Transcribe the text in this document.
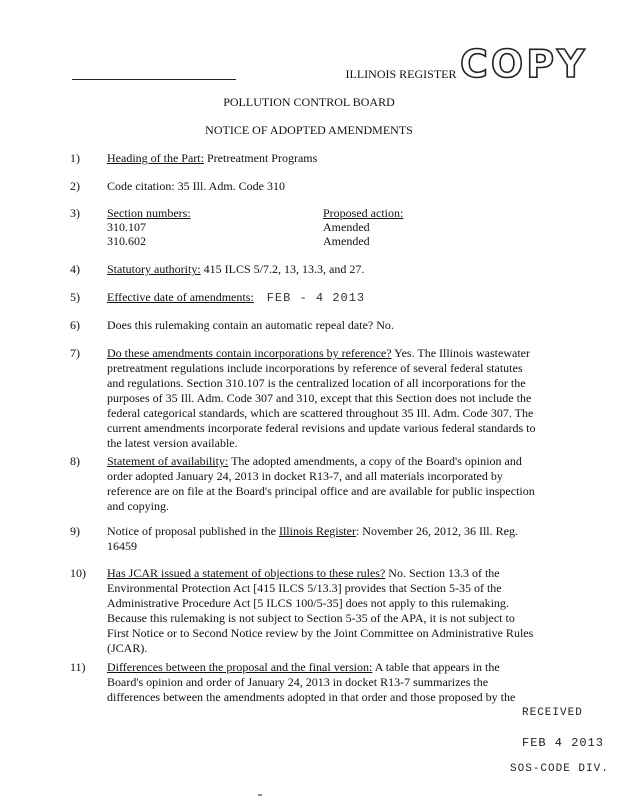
ILLINOIS REGISTER COPY
POLLUTION CONTROL BOARD
NOTICE OF ADOPTED AMENDMENTS
1) Heading of the Part: Pretreatment Programs
2) Code citation: 35 Ill. Adm. Code 310
3) Section numbers:	Proposed action:
310.107	Amended
310.602	Amended
4) Statutory authority: 415 ILCS 5/7.2, 13, 13.3, and 27.
5) Effective date of amendments: FEB - 4 2013
6) Does this rulemaking contain an automatic repeal date? No.
7) Do these amendments contain incorporations by reference? Yes. The Illinois wastewater
pretreatment regulations include incorporations by reference of several federal statutes
and regulations. Section 310.107 is the centralized location of all incorporations for the
purposes of 35 Ill. Adm. Code 307 and 310, except that this Section does not include the
federal categorical standards, which are scattered throughout 35 Ill. Adm. Code 307. The
current amendments incorporate federal revisions and update various federal standards to
the latest version available.
8) Statement of availability: The adopted amendments, a copy of the Board's opinion and
order adopted January 24, 2013 in docket R13-7, and all materials incorporated by
reference are on file at the Board's principal office and are available for public inspection
and copying.
9) Notice of proposal published in the Illinois Register: November 26, 2012, 36 Ill. Reg.
16459
10) Has JCAR issued a statement of objections to these rules? No. Section 13.3 of the
Environmental Protection Act [415 ILCS 5/13.3] provides that Section 5-35 of the
Administrative Procedure Act [5 ILCS 100/5-35] does not apply to this rulemaking.
Because this rulemaking is not subject to Section 5-35 of the APA, it is not subject to
First Notice or to Second Notice review by the Joint Committee on Administrative Rules
(JCAR).
11) Differences between the proposal and the final version: A table that appears in the
Board's opinion and order of January 24, 2013 in docket R13-7 summarizes the
differences between the amendments adopted in that order and those proposed by the
RECEIVED
FEB 4 2013
SOS-CODE DIV.
